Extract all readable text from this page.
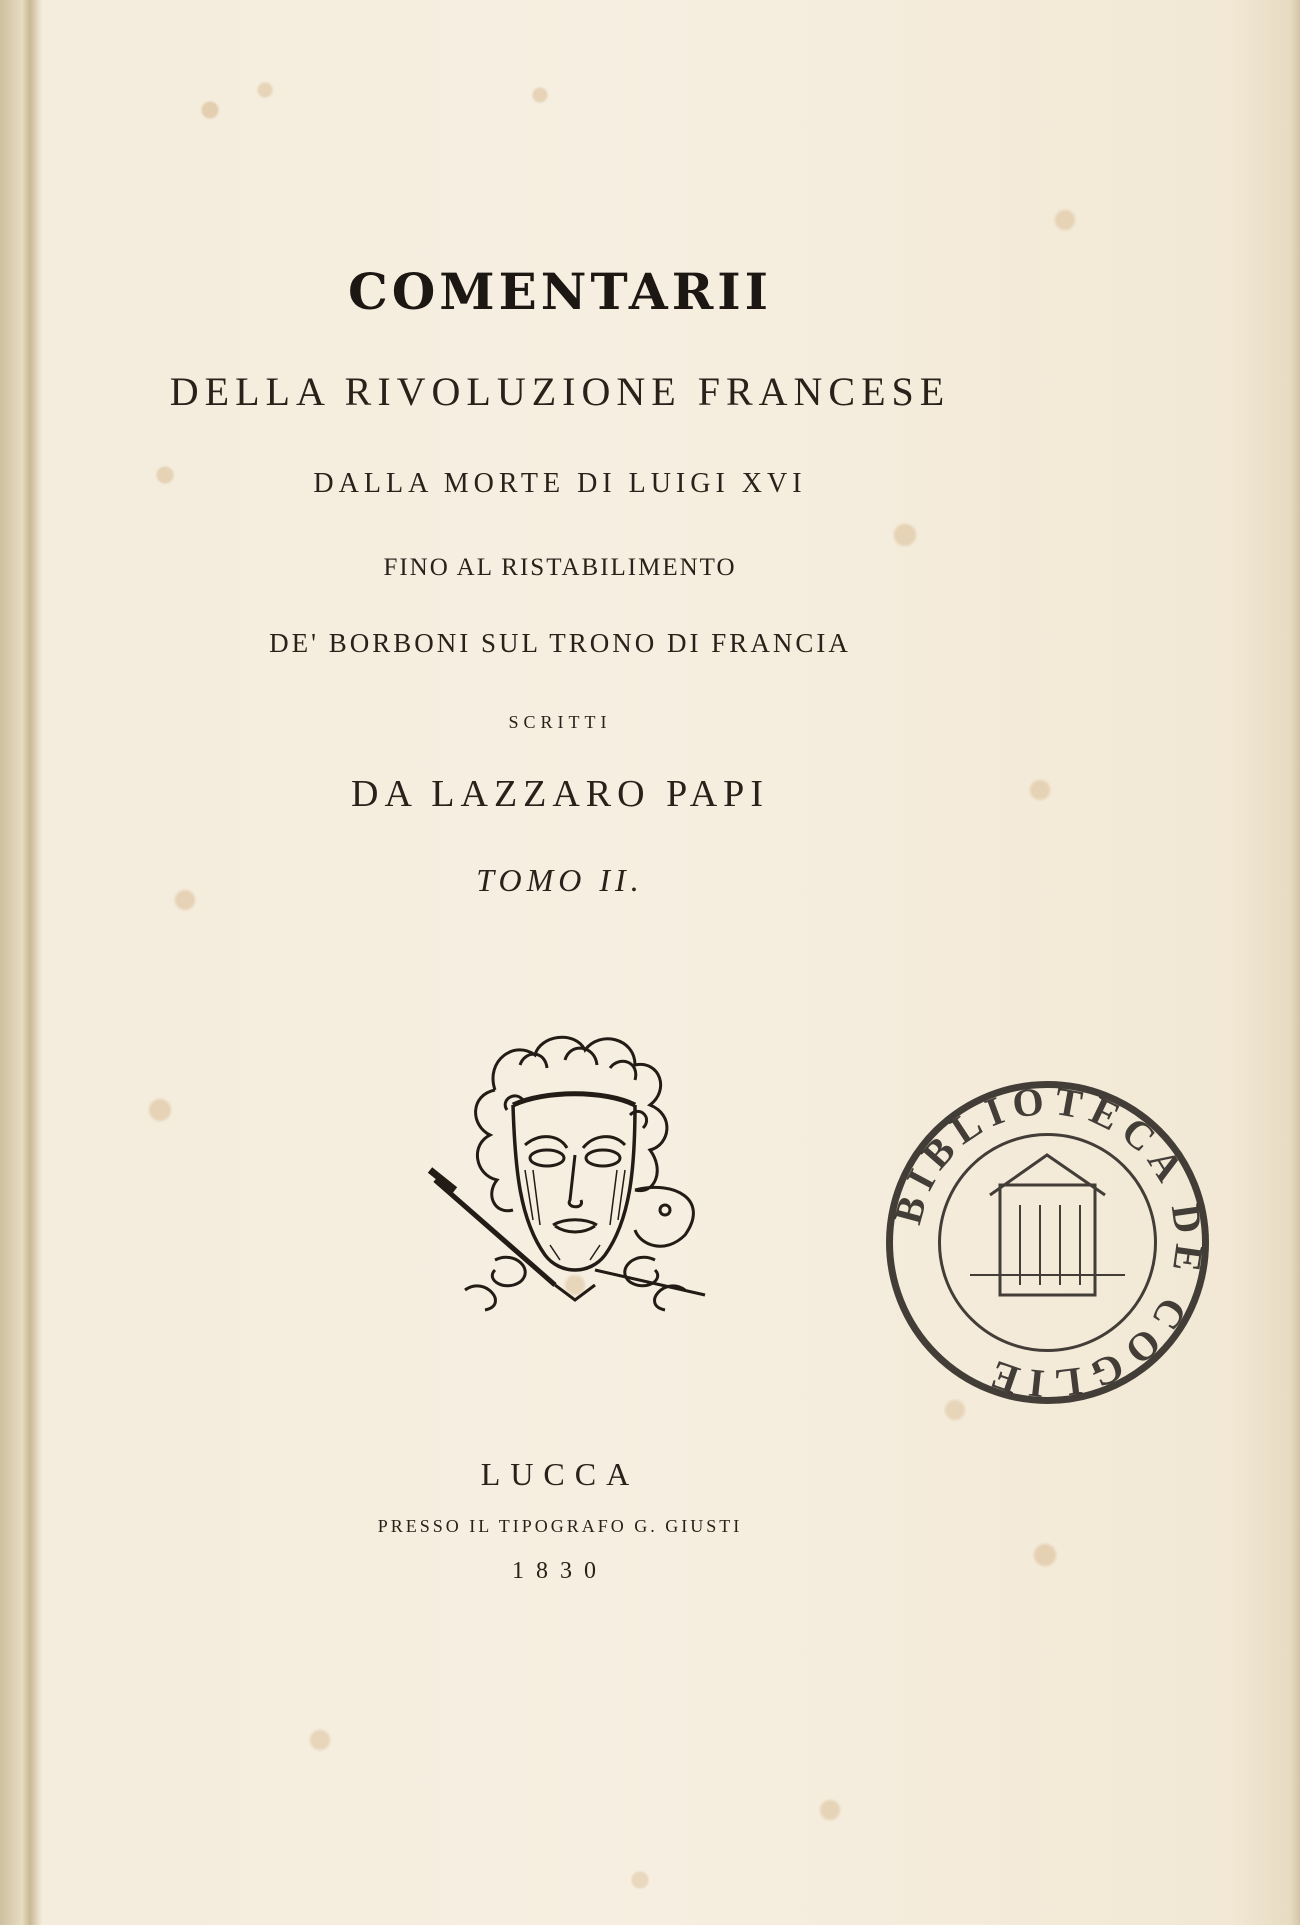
COMENTARII
DELLA RIVOLUZIONE FRANCESE
DALLA MORTE DI LUIGI XVI
FINO AL RISTABILIMENTO
DE' BORBONI SUL TRONO DI FRANCIA
SCRITTI
DA LAZZARO PAPI
TOMO II.
BIBLIOTECA DE COGLIE
LUCCA
PRESSO IL TIPOGRAFO G. GIUSTI
1830
